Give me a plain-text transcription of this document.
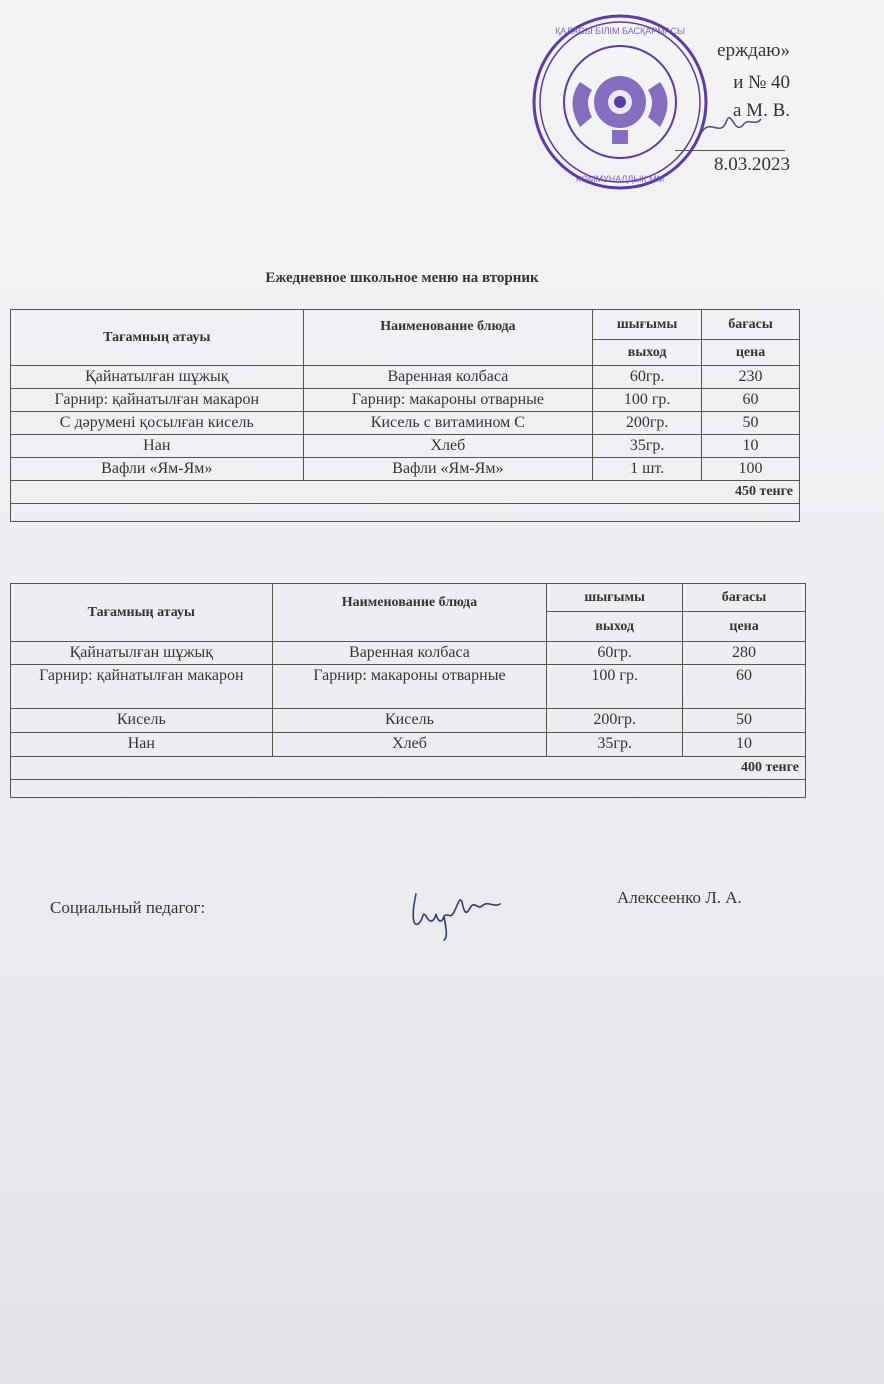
ҚАЛАСЫ БІЛІМ БАСҚАРМАСЫ
КОММУНАЛДЫҚ ММ
ерждаю»
и № 40
а М. В.
8.03.2023
Ежедневное школьное меню на вторник
Тағамның атауы	Наименование блюда	шығымы	бағасы
		выход	цена
Қайнатылған шұжық	Варенная колбаса	60гр.	230
Гарнир: қайнатылған макарон	Гарнир: макароны отварные	100 гр.	60
С дәрумені қосылған кисель	Кисель с витамином С	200гр.	50
Нан	Хлеб	35гр.	10
Вафли «Ям-Ям»	Вафли «Ям-Ям»	1 шт.	100
450 тенге			

Тағамның атауы	Наименование блюда	шығымы	бағасы
		выход	цена
Қайнатылған шұжық	Варенная колбаса	60гр.	280
Гарнир: қайнатылған макарон	Гарнир: макароны отварные	100 гр.	60
Кисель	Кисель	200гр.	50
Нан	Хлеб	35гр.	10
400 тенге			

Социальный педагог:
Алексеенко Л. А.
